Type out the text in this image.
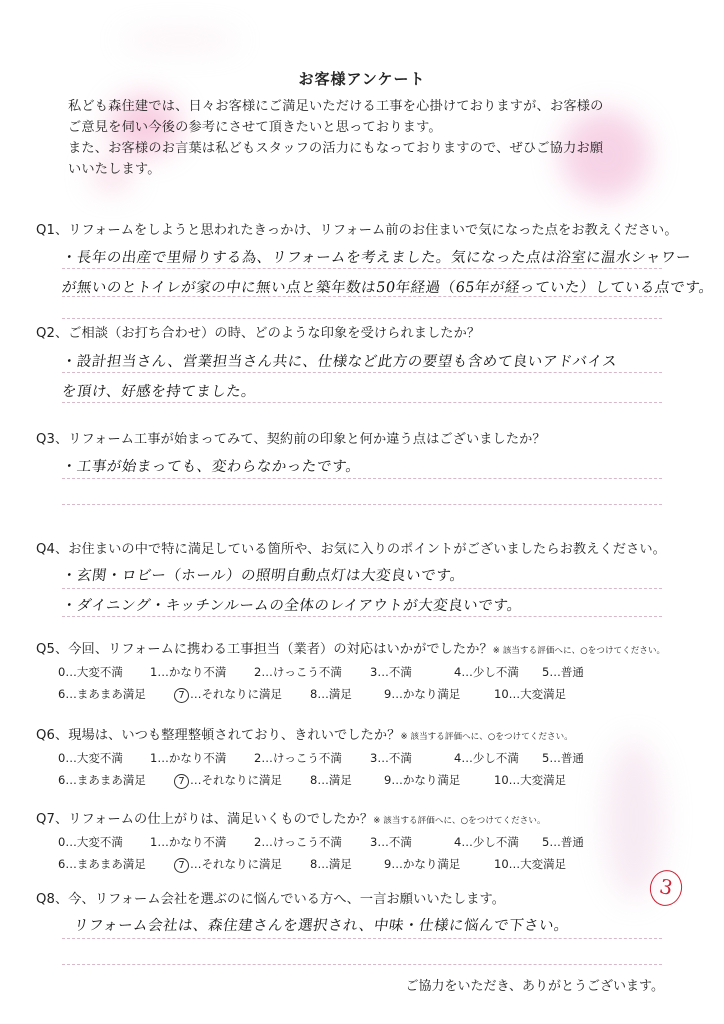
お客様アンケート
私ども森住建では、日々お客様にご満足いただける工事を心掛けておりますが、お客様の
ご意見を伺い今後の参考にさせて頂きたいと思っております。
また、お客様のお言葉は私どもスタッフの活力にもなっておりますので、ぜひご協力お願
いいたします。
Q1、リフォームをしようと思われたきっかけ、リフォーム前のお住まいで気になった点をお教えください。
・長年の出産で里帰りする為、リフォームを考えました。気になった点は浴室に温水シャワー
が無いのとトイレが家の中に無い点と築年数は50年経過（65年が経っていた）している点です。
Q2、ご相談（お打ち合わせ）の時、どのような印象を受けられましたか？
・設計担当さん、営業担当さん共に、仕様など此方の要望も含めて良いアドバイス
を頂け、好感を持てました。
Q3、リフォーム工事が始まってみて、契約前の印象と何か違う点はございましたか？
・工事が始まっても、変わらなかったです。
Q4、お住まいの中で特に満足している箇所や、お気に入りのポイントがございましたらお教えください。
・玄関・ロビー（ホール）の照明自動点灯は大変良いです。
・ダイニング・キッチンルームの全体のレイアウトが大変良いです。
Q5、今回、リフォームに携わる工事担当（業者）の対応はいかがでしたか？※ 該当する評価へに、○をつけてください。
0…大変不満 1…かなり不満 2…けっこう不満 3…不満	4…少し不満 5…普通
6…まあまあ満足	7 …それなりに満足 8…満足	9…かなり満足	10…大変満足
Q6、現場は、いつも整理整頓されており、きれいでしたか？※ 該当する評価へに、○をつけてください。
0…大変不満 1…かなり不満 2…けっこう不満 3…不満	4…少し不満 5…普通
6…まあまあ満足	7 …それなりに満足 8…満足	9…かなり満足	10…大変満足
Q7、リフォームの仕上がりは、満足いくものでしたか？※ 該当する評価へに、○をつけてください。
0…大変不満 1…かなり不満 2…けっこう不満 3…不満	4…少し不満 5…普通
6…まあまあ満足	7 …それなりに満足 8…満足	9…かなり満足	10…大変満足
Q8、今、リフォーム会社を選ぶのに悩んでいる方へ、一言お願いいたします。
リフォーム会社は、森住建さんを選択され、中味・仕様に悩んで下さい。
3
ご協力をいただき、ありがとうございます。
